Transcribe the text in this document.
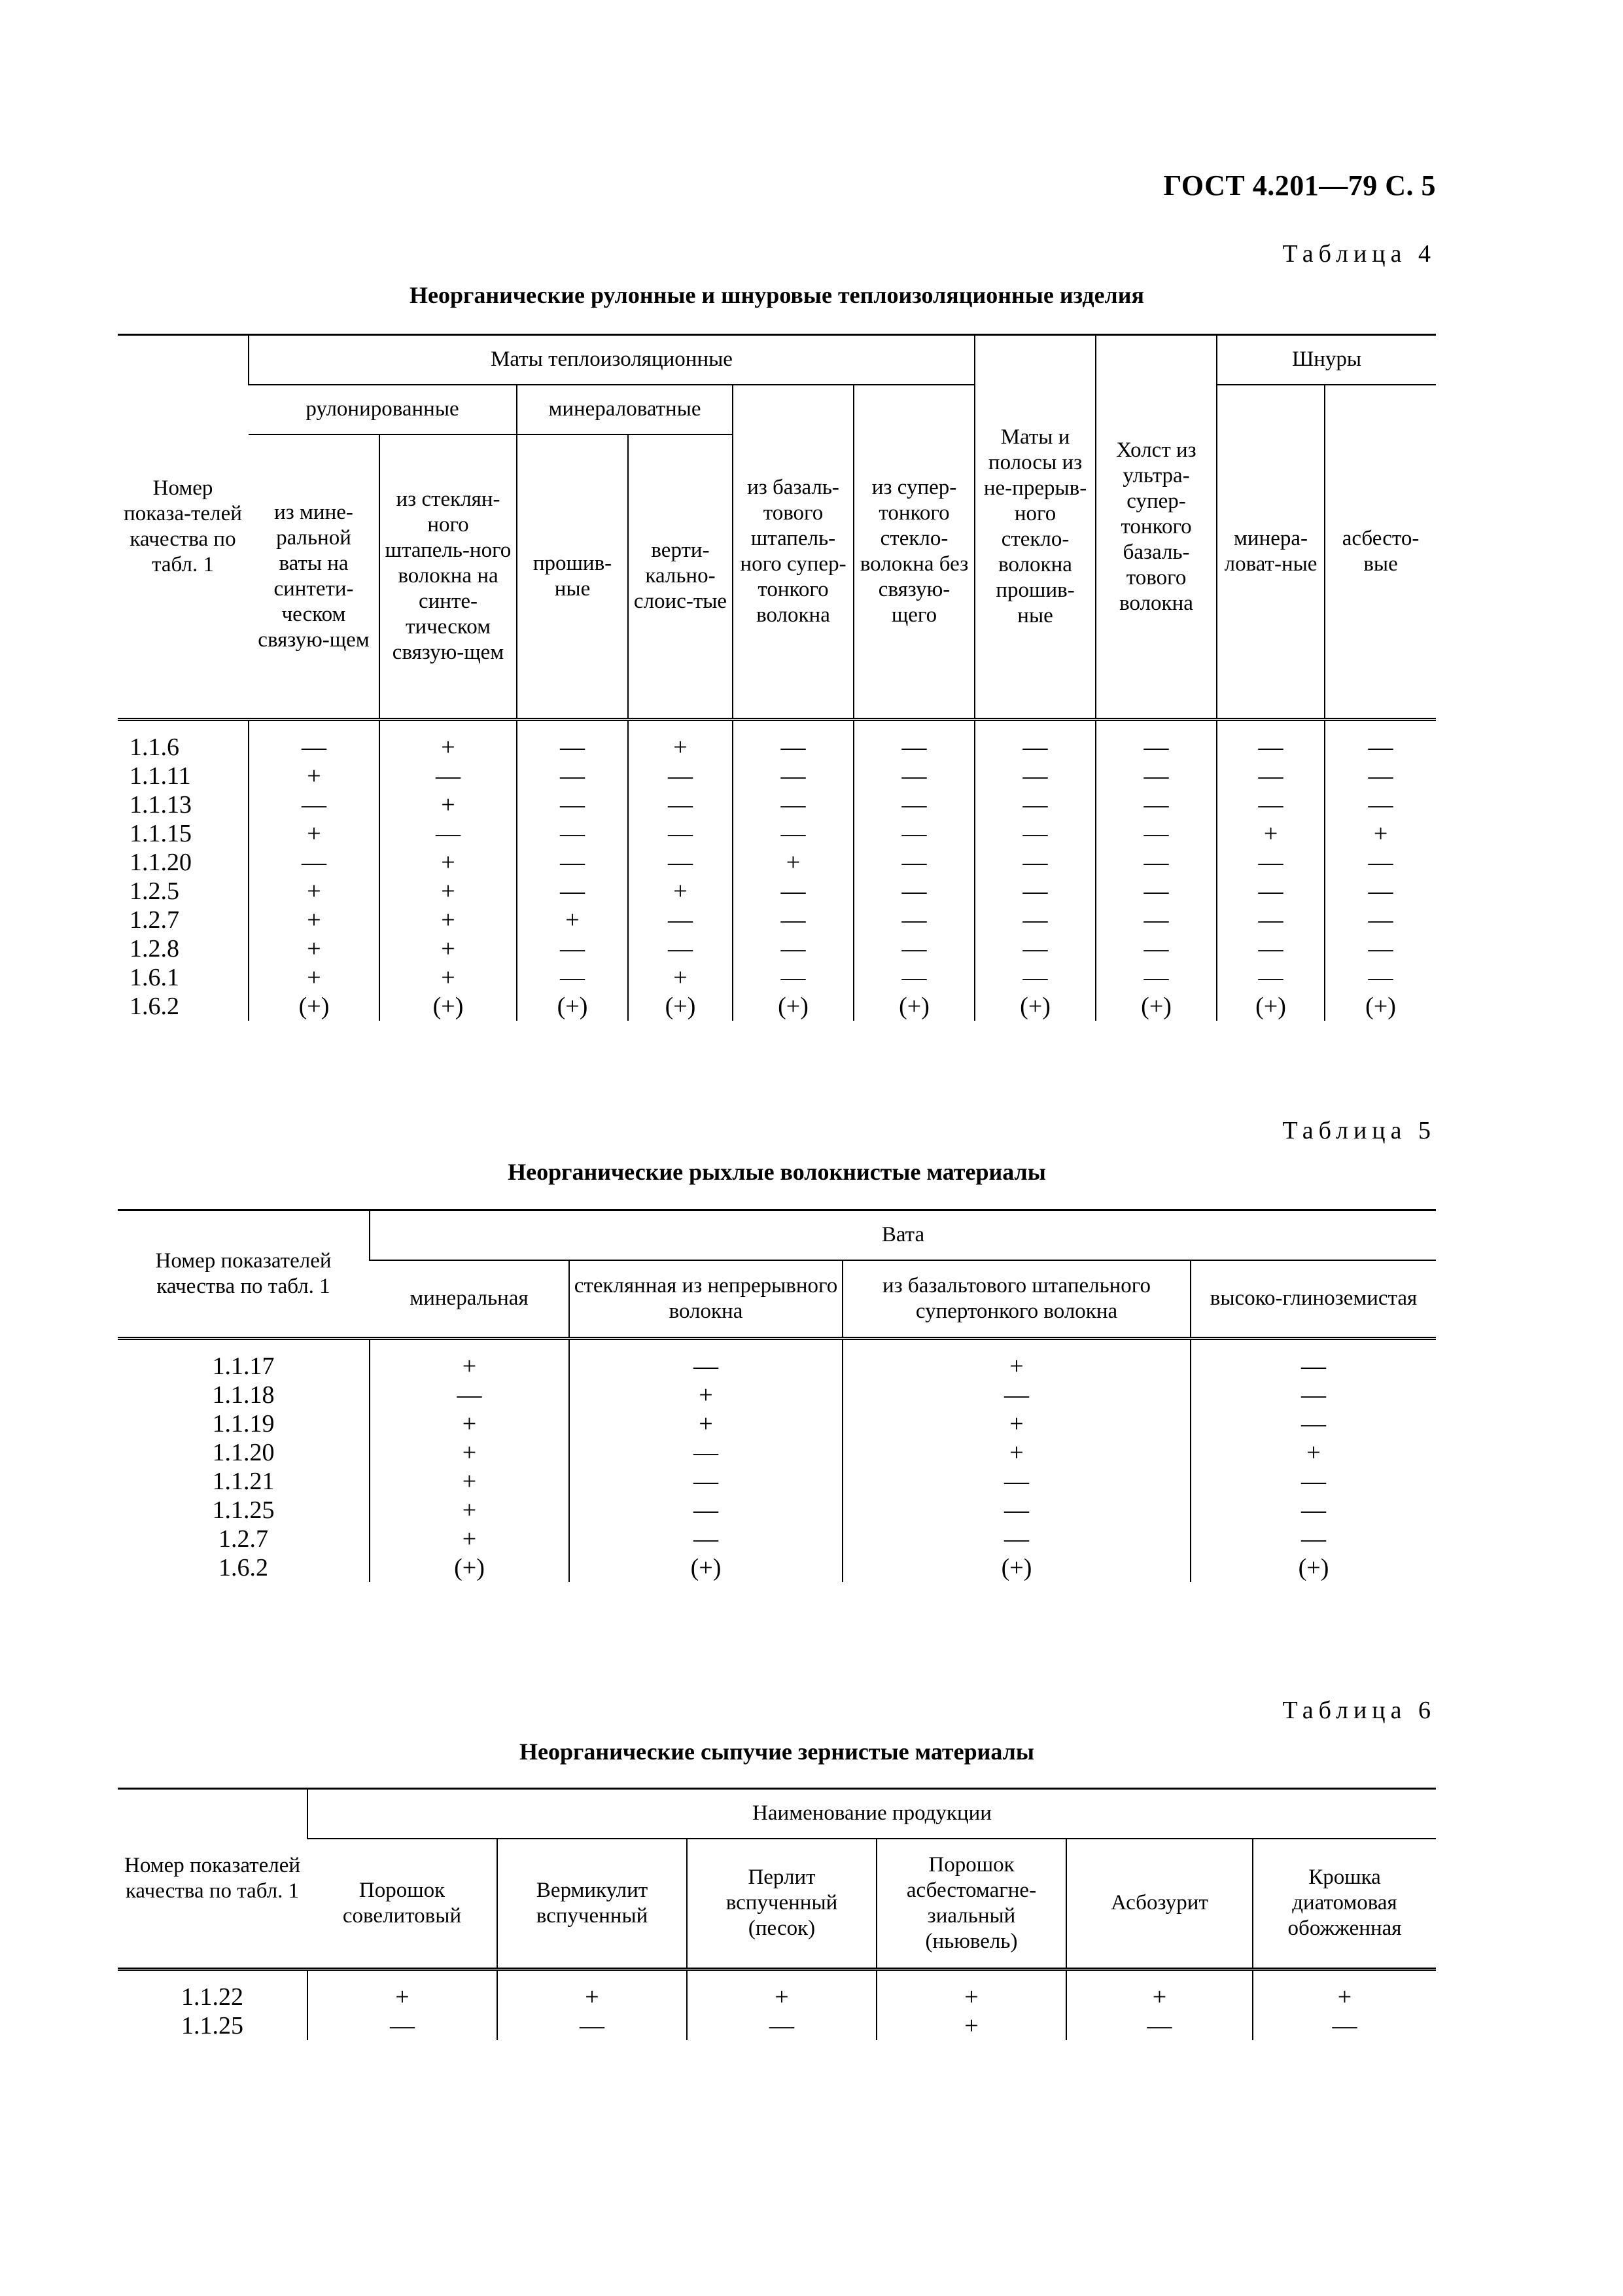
ГОСТ 4.201—79 С. 5
Таблица 4
Неорганические рулонные и шнуровые теплоизоляционные изделия
Номер показа-телей качества по табл. 1	Маты теплоизоляционные						Маты и полосы из не-прерыв-ного стекло-волокна прошив-ные	Холст из ультра-супер-тонкого базаль-тового волокна	Шнуры	
	рулонированные		минераловатные		из базаль-тового штапель-ного супер-тонкого волокна	из супер-тонкого стекло-волокна без связую-щего			минера-ловат-ные	асбесто-вые
	из мине-ральной ваты на синтети-ческом связую-щем	из стеклян-ного штапель-ного волокна на синте-тическом связую-щем	прошив-ные	верти-кально-слоис-тые						
1.1.6	—	+	—	+	—	—	—	—	—	—
1.1.11	+	—	—	—	—	—	—	—	—	—
1.1.13	—	+	—	—	—	—	—	—	—	—
1.1.15	+	—	—	—	—	—	—	—	+	+
1.1.20	—	+	—	—	+	—	—	—	—	—
1.2.5	+	+	—	+	—	—	—	—	—	—
1.2.7	+	+	+	—	—	—	—	—	—	—
1.2.8	+	+	—	—	—	—	—	—	—	—
1.6.1	+	+	—	+	—	—	—	—	—	—
1.6.2	(+)	(+)	(+)	(+)	(+)	(+)	(+)	(+)	(+)	(+)
Таблица 5
Неорганические рыхлые волокнистые материалы
Номер показателей качества по табл. 1	Вата			
	минеральная	стеклянная из непрерывного волокна	из базальтового штапельного супертонкого волокна	высоко-глиноземистая
1.1.17	+	—	+	—
1.1.18	—	+	—	—
1.1.19	+	+	+	—
1.1.20	+	—	+	+
1.1.21	+	—	—	—
1.1.25	+	—	—	—
1.2.7	+	—	—	—
1.6.2	(+)	(+)	(+)	(+)
Таблица 6
Неорганические сыпучие зернистые материалы
Номер показателей качества по табл. 1	Наименование продукции					
	Порошок совелитовый	Вермикулит вспученный	Перлит вспученный (песок)	Порошок асбестомагне-зиальный (ньювель)	Асбозурит	Крошка диатомовая обожженная
1.1.22	+	+	+	+	+	+
1.1.25	—	—	—	+	—	—
